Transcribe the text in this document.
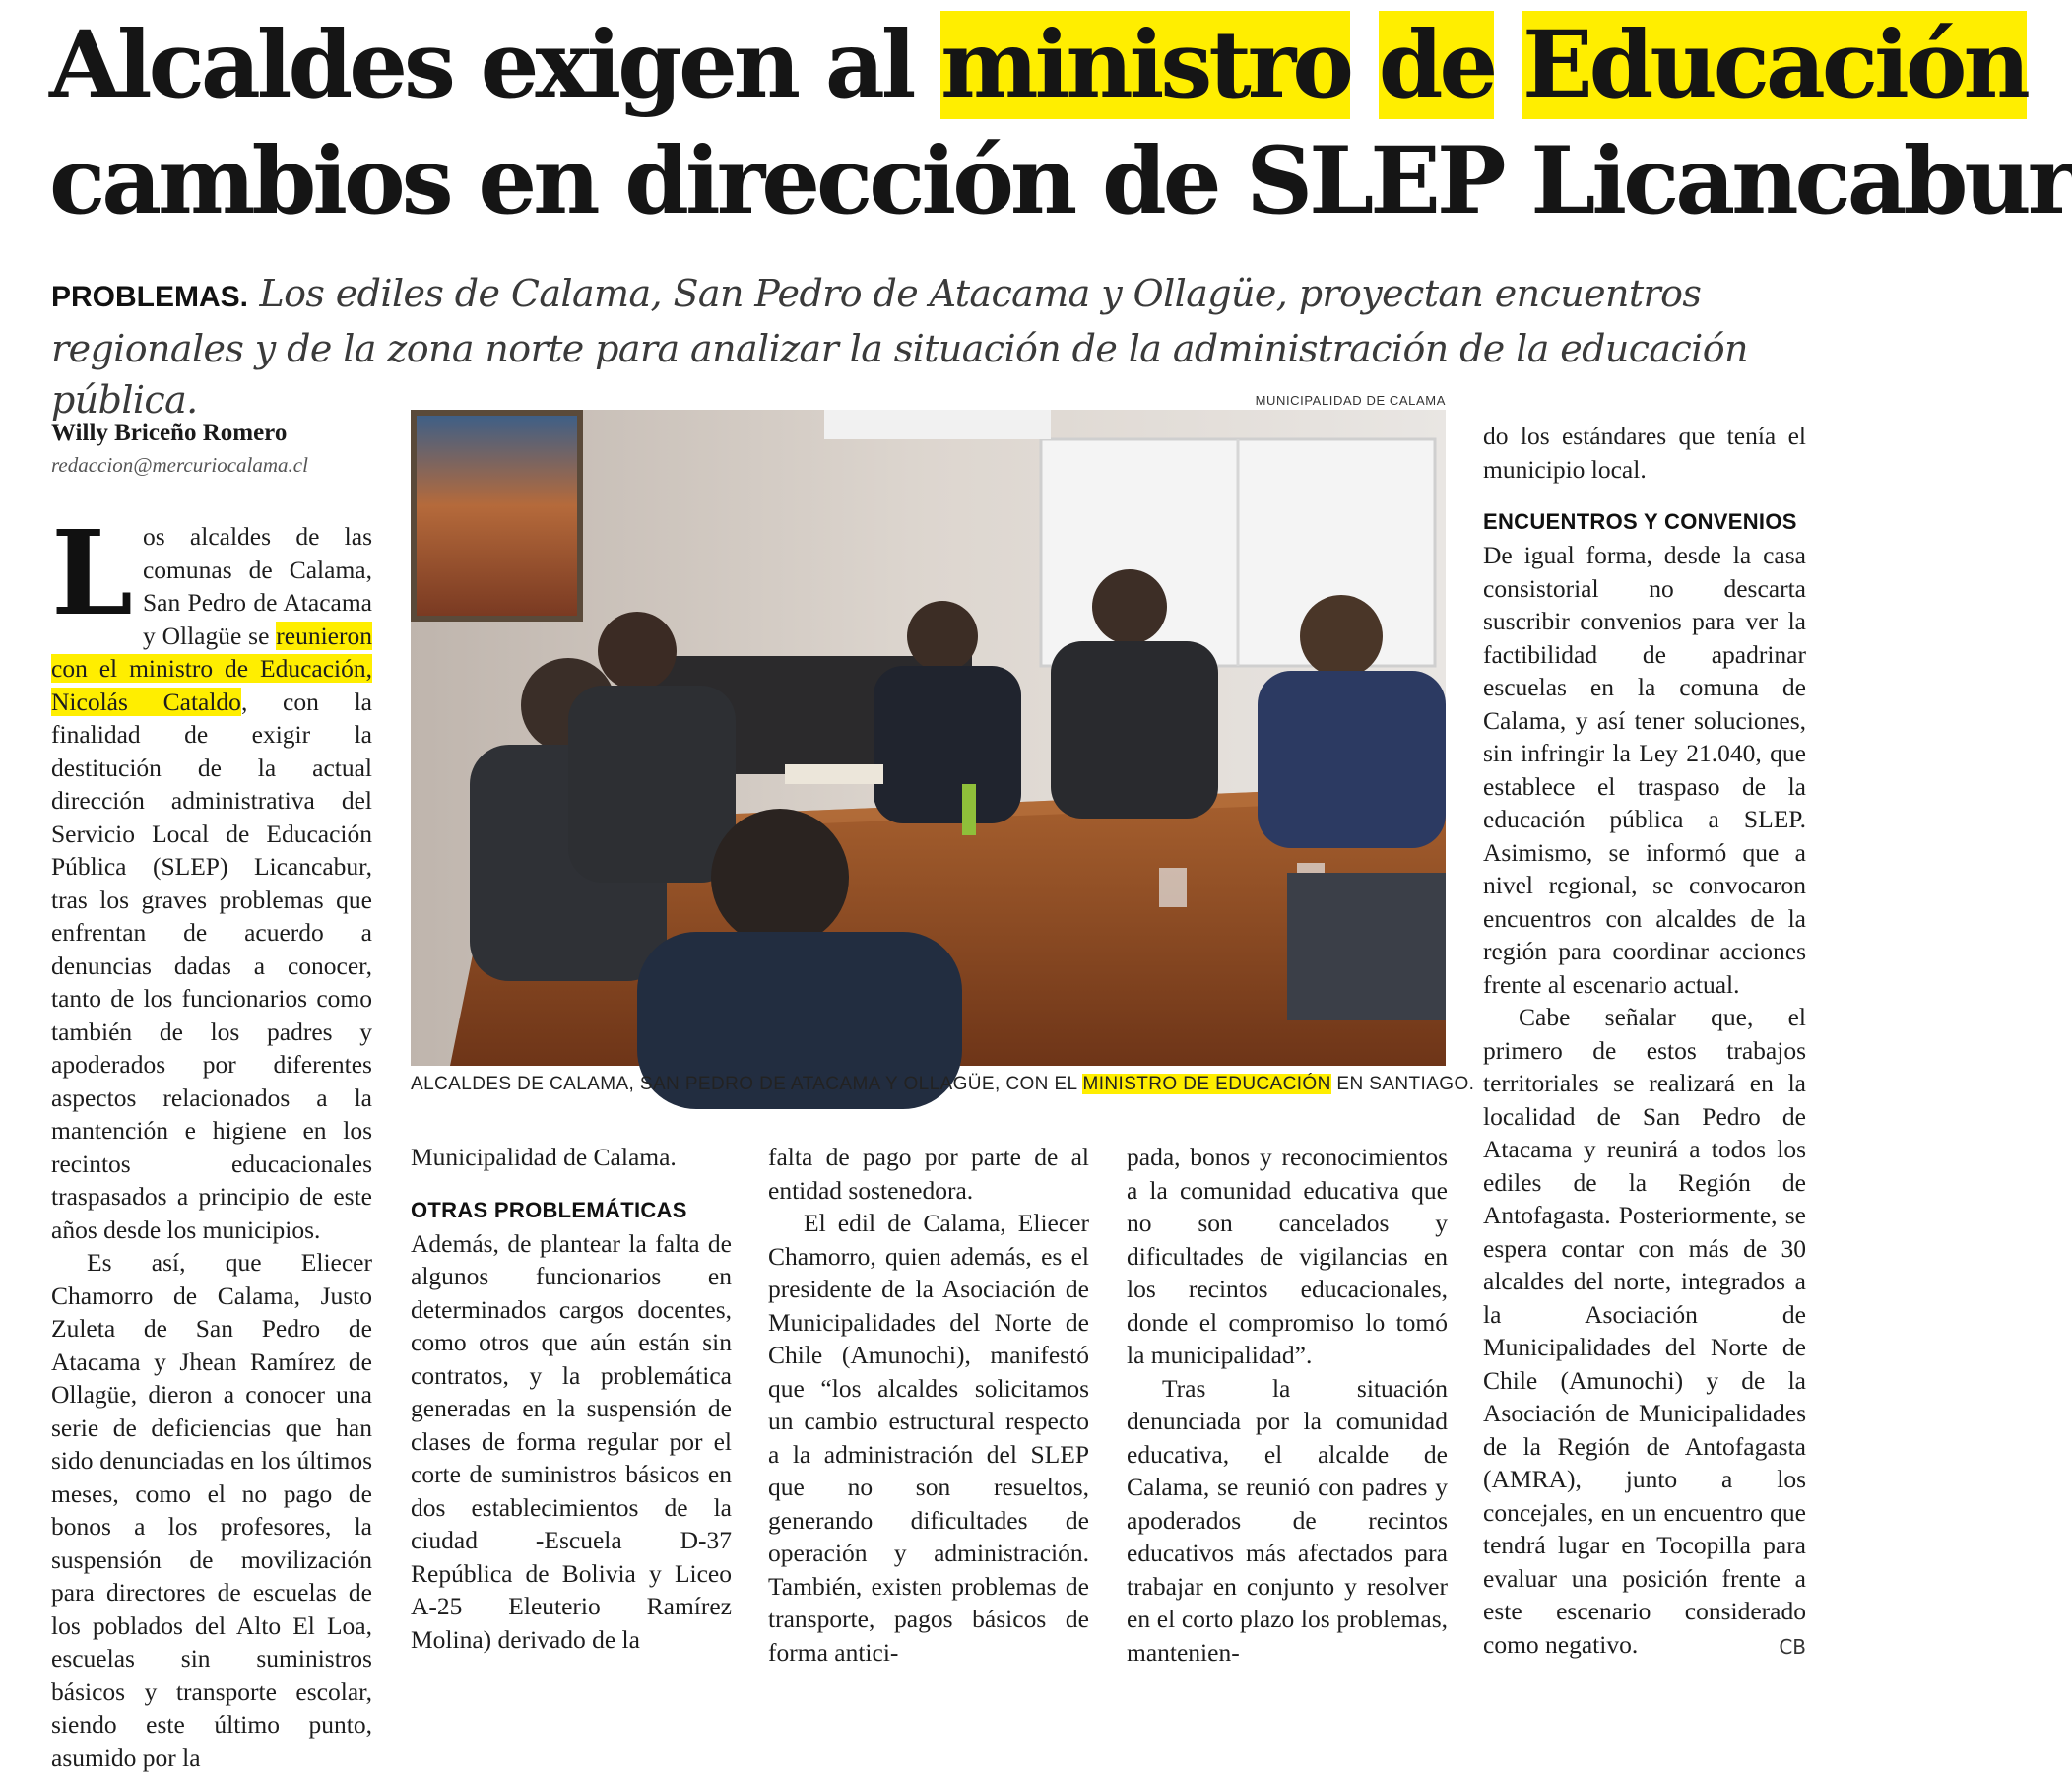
Alcaldes exigen al ministro de Educación
cambios en dirección de SLEP Licancabur

PROBLEMAS. Los ediles de Calama, San Pedro de Atacama y Ollagüe, proyectan encuentros regionales y de la zona norte para analizar la situación de la administración de la educación pública.

Willy Briceño Romero
redaccion@mercuriocalama.cl

Los alcaldes de las comunas de Calama, San Pedro de Atacama y Ollagüe se reunieron con el ministro de Educación, Nicolás Cataldo, con la finalidad de exigir la destitución de la actual dirección administrativa del Servicio Local de Educación Pública (SLEP) Licancabur, tras los graves problemas que enfrentan de acuerdo a denuncias dadas a conocer, tanto de los funcionarios como también de los padres y apoderados por diferentes aspectos relacionados a la mantención e higiene en los recintos educacionales traspasados a principio de este años desde los municipios.

Es así, que Eliecer Chamorro de Calama, Justo Zuleta de San Pedro de Atacama y Jhean Ramírez de Ollagüe, dieron a conocer una serie de deficiencias que han sido denunciadas en los últimos meses, como el no pago de bonos a los profesores, la suspensión de movilización para directores de escuelas de los poblados del Alto El Loa, escuelas sin suministros básicos y transporte escolar, siendo este último punto, asumido por la

MUNICIPALIDAD DE CALAMA
ALCALDES DE CALAMA, SAN PEDRO DE ATACAMA Y OLLAGÜE, CON EL MINISTRO DE EDUCACIÓN EN SANTIAGO.

Municipalidad de Calama.

OTRAS PROBLEMÁTICAS

Además, de plantear la falta de algunos funcionarios en determinados cargos docentes, como otros que aún están sin contratos, y la problemática generadas en la suspensión de clases de forma regular por el corte de suministros básicos en dos establecimientos de la ciudad -Escuela D-37 República de Bolivia y Liceo A-25 Eleuterio Ramírez Molina) derivado de la

falta de pago por parte de al entidad sostenedora.

El edil de Calama, Eliecer Chamorro, quien además, es el presidente de la Asociación de Municipalidades del Norte de Chile (Amunochi), manifestó que “los alcaldes solicitamos un cambio estructural respecto a la administración del SLEP que no son resueltos, generando dificultades de operación y administración. También, existen problemas de transporte, pagos básicos de forma antici-

pada, bonos y reconocimientos a la comunidad educativa que no son cancelados y dificultades de vigilancias en los recintos educacionales, donde el compromiso lo tomó la municipalidad”.

Tras la situación denunciada por la comunidad educativa, el alcalde de Calama, se reunió con padres y apoderados de recintos educativos más afectados para trabajar en conjunto y resolver en el corto plazo los problemas, mantenien-

do los estándares que tenía el municipio local.

ENCUENTROS Y CONVENIOS

De igual forma, desde la casa consistorial no descarta suscribir convenios para ver la factibilidad de apadrinar escuelas en la comuna de Calama, y así tener soluciones, sin infringir la Ley 21.040, que establece el traspaso de la educación pública a SLEP. Asimismo, se informó que a nivel regional, se convocaron encuentros con alcaldes de la región para coordinar acciones frente al escenario actual.

Cabe señalar que, el primero de estos trabajos territoriales se realizará en la localidad de San Pedro de Atacama y reunirá a todos los ediles de la Región de Antofagasta. Posteriormente, se espera contar con más de 30 alcaldes del norte, integrados a la Asociación de Municipalidades del Norte de Chile (Amunochi) y de la Asociación de Municipalidades de la Región de Antofagasta (AMRA), junto a los concejales, en un encuentro que tendrá lugar en Tocopilla para evaluar una posición frente a este escenario considerado como negativo.	CB
